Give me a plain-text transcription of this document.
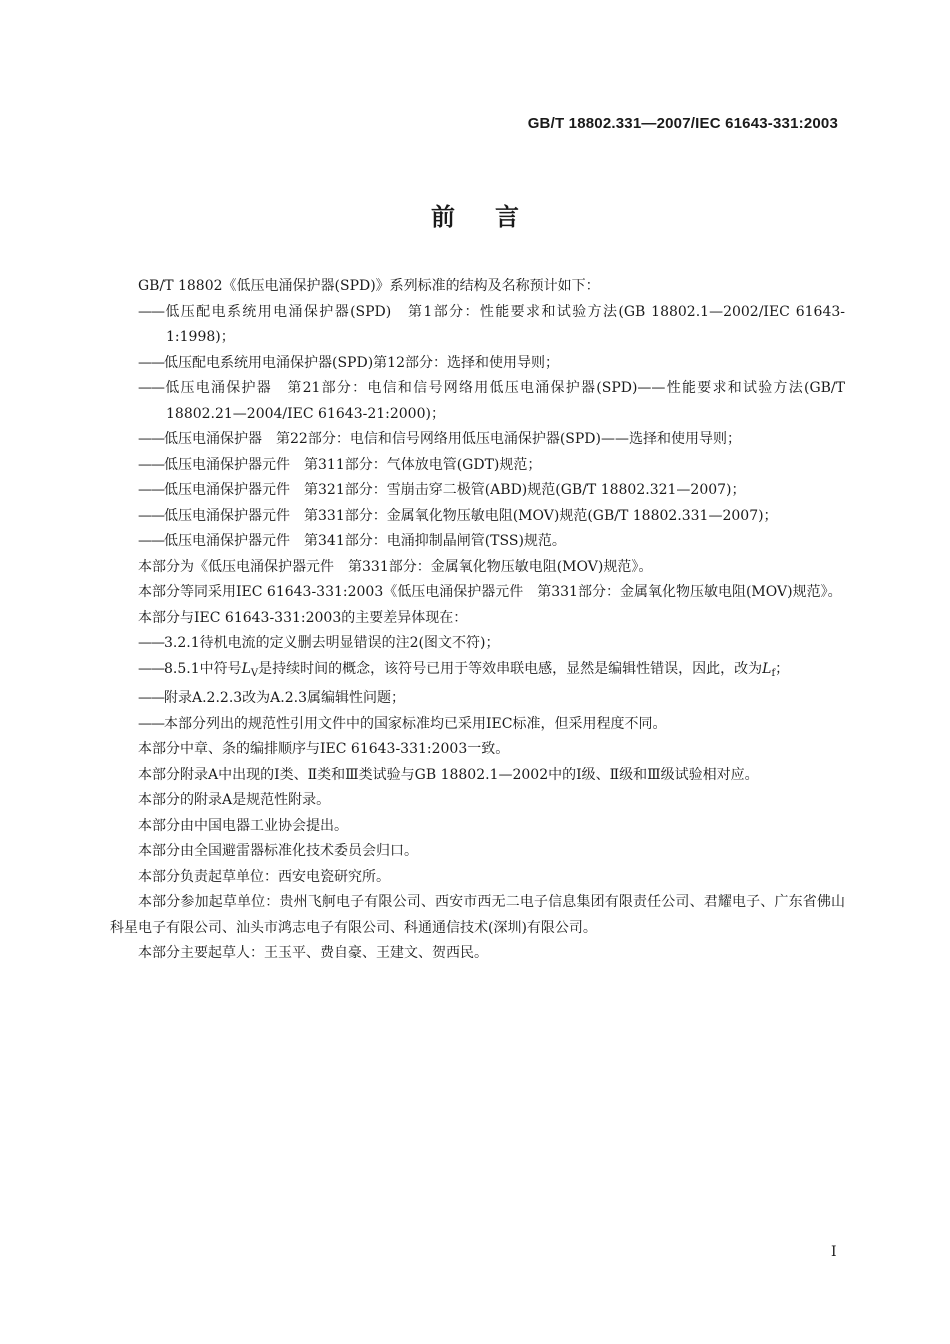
GB/T 18802.331—2007/IEC 61643-331:2003
前言
GB/T 18802《低压电涌保护器(SPD)》系列标准的结构及名称预计如下：
——低压配电系统用电涌保护器(SPD)　第1部分：性能要求和试验方法(GB 18802.1—2002/IEC 61643-1:1998)；
——低压配电系统用电涌保护器(SPD)第12部分：选择和使用导则；
——低压电涌保护器　第21部分：电信和信号网络用低压电涌保护器(SPD)——性能要求和试验方法(GB/T 18802.21—2004/IEC 61643-21:2000)；
——低压电涌保护器　第22部分：电信和信号网络用低压电涌保护器(SPD)——选择和使用导则；
——低压电涌保护器元件　第311部分：气体放电管(GDT)规范；
——低压电涌保护器元件　第321部分：雪崩击穿二极管(ABD)规范(GB/T 18802.321—2007)；
——低压电涌保护器元件　第331部分：金属氧化物压敏电阻(MOV)规范(GB/T 18802.331—2007)；
——低压电涌保护器元件　第341部分：电涌抑制晶闸管(TSS)规范。
本部分为《低压电涌保护器元件　第331部分：金属氧化物压敏电阻(MOV)规范》。
本部分等同采用IEC 61643-331:2003《低压电涌保护器元件　第331部分：金属氧化物压敏电阻(MOV)规范》。
本部分与IEC 61643-331:2003的主要差异体现在：
——3.2.1待机电流的定义删去明显错误的注2(图文不符)；
——8.5.1中符号$L_V$是持续时间的概念，该符号已用于等效串联电感，显然是编辑性错误，因此，改为$L_f$；
——附录A.2.2.3改为A.2.3属编辑性问题；
——本部分列出的规范性引用文件中的国家标准均已采用IEC标准，但采用程度不同。
本部分中章、条的编排顺序与IEC 61643-331:2003一致。
本部分附录A中出现的Ⅰ类、Ⅱ类和Ⅲ类试验与GB 18802.1—2002中的Ⅰ级、Ⅱ级和Ⅲ级试验相对应。
本部分的附录A是规范性附录。
本部分由中国电器工业协会提出。
本部分由全国避雷器标准化技术委员会归口。
本部分负责起草单位：西安电瓷研究所。
本部分参加起草单位：贵州飞舸电子有限公司、西安市西无二电子信息集团有限责任公司、君耀电子、广东省佛山科星电子有限公司、汕头市鸿志电子有限公司、科通通信技术(深圳)有限公司。
本部分主要起草人：王玉平、费自豪、王建文、贺西民。
Ⅰ
